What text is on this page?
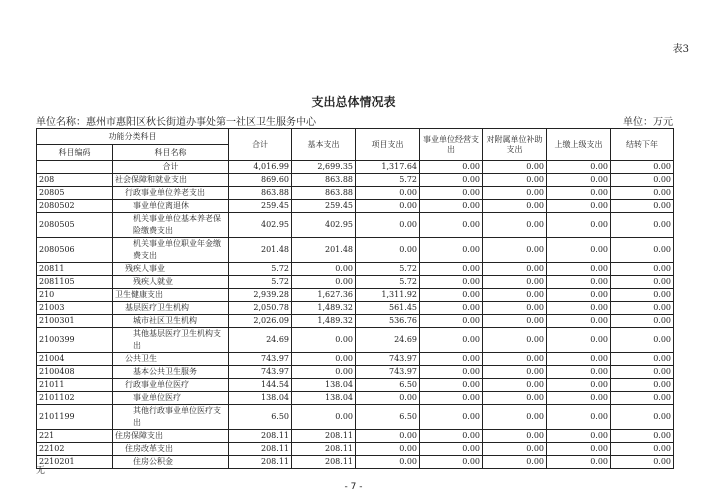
表3
支出总体情况表
单位名称：惠州市惠阳区秋长街道办事处第一社区卫生服务中心	单位：万元
功能分类科目		合计	基本支出	项目支出	事业单位经营支出	对附属单位补助支出	上缴上级支出	结转下年
科目编码	科目名称							
	合计	4,016.99	2,699.35	1,317.64	0.00	0.00	0.00	0.00
208	社会保障和就业支出	869.60	863.88	5.72	0.00	0.00	0.00	0.00
20805	行政事业单位养老支出	863.88	863.88	0.00	0.00	0.00	0.00	0.00
2080502	事业单位离退休	259.45	259.45	0.00	0.00	0.00	0.00	0.00
2080505	机关事业单位基本养老保险缴费支出	402.95	402.95	0.00	0.00	0.00	0.00	0.00
2080506	机关事业单位职业年金缴费支出	201.48	201.48	0.00	0.00	0.00	0.00	0.00
20811	残疾人事业	5.72	0.00	5.72	0.00	0.00	0.00	0.00
2081105	残疾人就业	5.72	0.00	5.72	0.00	0.00	0.00	0.00
210	卫生健康支出	2,939.28	1,627.36	1,311.92	0.00	0.00	0.00	0.00
21003	基层医疗卫生机构	2,050.78	1,489.32	561.45	0.00	0.00	0.00	0.00
2100301	城市社区卫生机构	2,026.09	1,489.32	536.76	0.00	0.00	0.00	0.00
2100399	其他基层医疗卫生机构支出	24.69	0.00	24.69	0.00	0.00	0.00	0.00
21004	公共卫生	743.97	0.00	743.97	0.00	0.00	0.00	0.00
2100408	基本公共卫生服务	743.97	0.00	743.97	0.00	0.00	0.00	0.00
21011	行政事业单位医疗	144.54	138.04	6.50	0.00	0.00	0.00	0.00
2101102	事业单位医疗	138.04	138.04	0.00	0.00	0.00	0.00	0.00
2101199	其他行政事业单位医疗支出	6.50	0.00	6.50	0.00	0.00	0.00	0.00
221	住房保障支出	208.11	208.11	0.00	0.00	0.00	0.00	0.00
22102	住房改革支出	208.11	208.11	0.00	0.00	0.00	0.00	0.00
2210201	住房公积金	208.11	208.11	0.00	0.00	0.00	0.00	0.00
无
- 7 -
